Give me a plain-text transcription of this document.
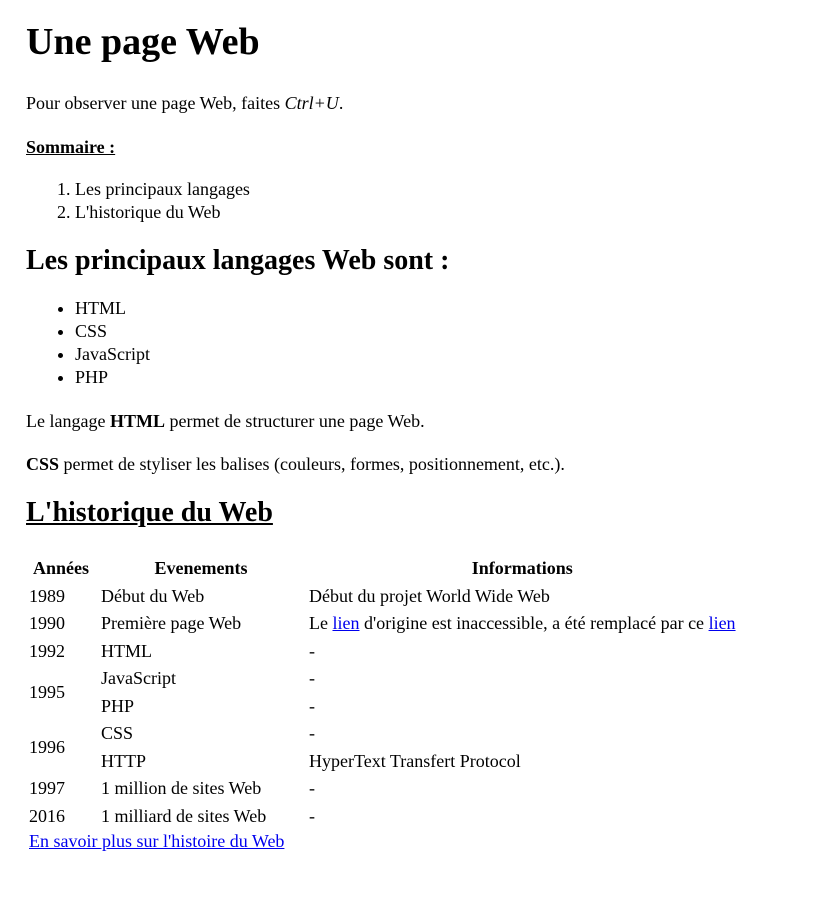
Une page Web

Pour observer une page Web, faites Ctrl+U.

Sommaire :

1. Les principaux langages
2. L'historique du Web
Les principaux langages Web sont :
• HTML
• CSS
• JavaScript
• PHP

Le langage HTML permet de structurer une page Web.

CSS permet de styliser les balises (couleurs, formes, positionnement, etc.).

L'historique du Web
Années	Evenements	Informations
1989	Début du Web	Début du projet World Wide Web
1990	Première page Web	Le lien d'origine est inaccessible, a été remplacé par ce lien
1992	HTML	-
1995	JavaScript	-
	PHP	-
1996	CSS	-
	HTTP	HyperText Transfert Protocol
1997	1 million de sites Web	-
2016	1 milliard de sites Web	-
En savoir plus sur l'histoire du Web
